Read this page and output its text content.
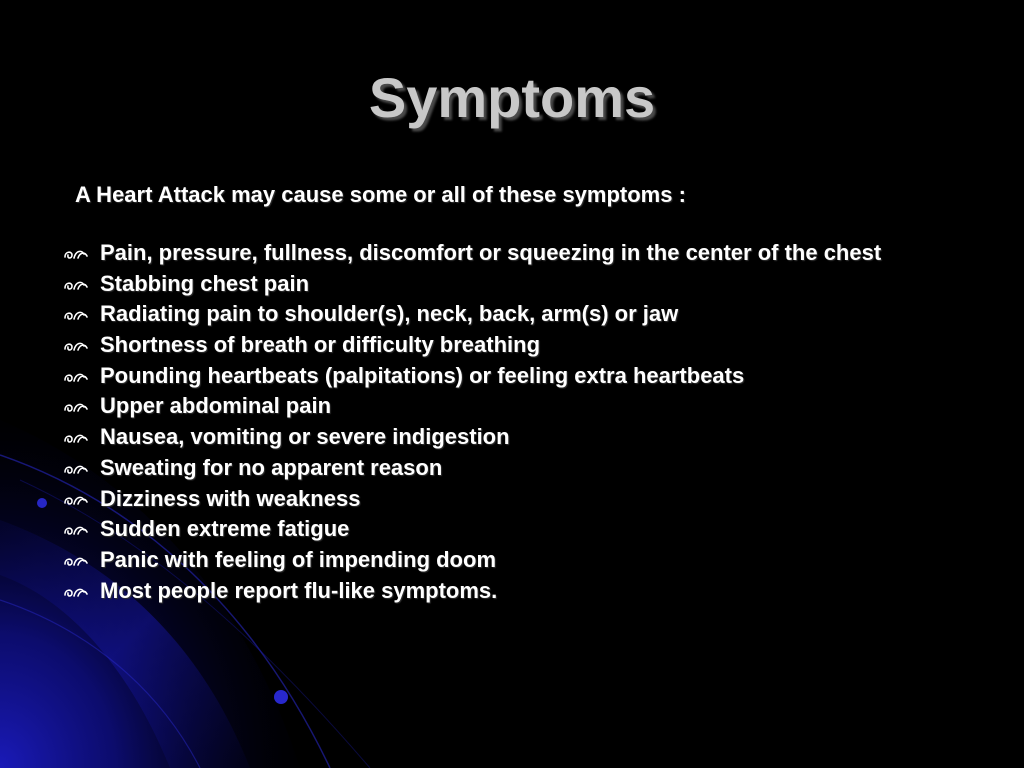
Symptoms
A Heart Attack may cause some or all of these symptoms :
Pain, pressure, fullness, discomfort or squeezing in the center of the chest
Stabbing chest pain
Radiating pain to shoulder(s), neck, back, arm(s) or jaw
Shortness of breath or difficulty breathing
Pounding heartbeats (palpitations) or feeling extra heartbeats
Upper abdominal pain
Nausea, vomiting or severe indigestion
Sweating for no apparent reason
Dizziness with weakness
Sudden extreme fatigue
Panic with feeling of impending doom
Most people report flu-like symptoms.
